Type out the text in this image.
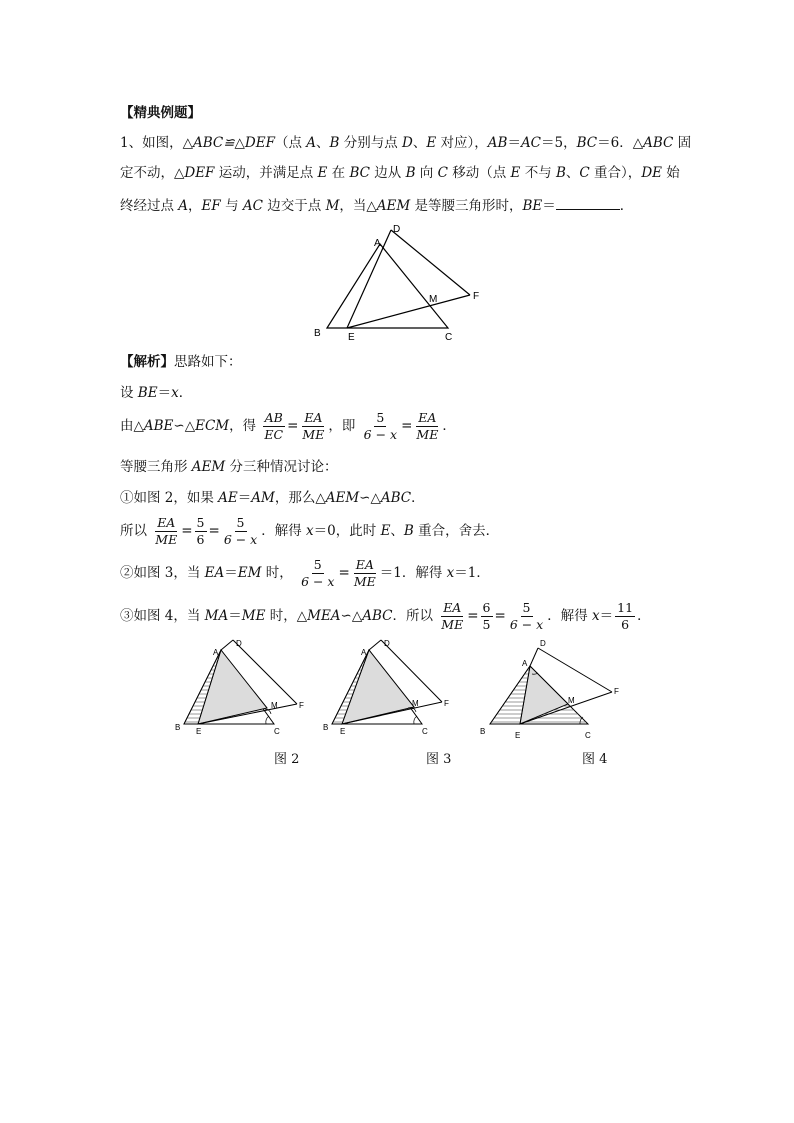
【精典例题】
1、如图，△ABC≌△DEF（点 A、B 分别与点 D、E 对应），AB＝AC＝5，BC＝6．△ABC 固
定不动，△DEF 运动，并满足点 E 在 BC 边从 B 向 C 移动（点 E 不与 B、C 重合），DE 始
终经过点 A，EF 与 AC 边交于点 M，当△AEM 是等腰三角形时，BE＝	．
A
D
F
M
B	E	C
【解析】思路如下：
设 BE＝x．
由△ABE∽△ECM，得 $\frac{AB}{EC} = \frac{EA}{ME}$ ，即 $\frac{5}{6 - x} = \frac{EA}{ME}$ ．
等腰三角形 AEM 分三种情况讨论：
①如图 2，如果 AE＝AM，那么△AEM∽△ABC．
所以 $\frac{EA}{ME} = \frac{5}{6} = \frac{5}{6 - x}$ ．解得 x＝0，此时 E、B 重合，舍去．
②如图 3，当 EA＝EM 时， $\frac{5}{6 - x} = \frac{EA}{ME} =1$．解得 x＝1．
③如图 4，当 MA＝ME 时，△MEA∽△ABC．所以 $\frac{EA}{ME} = \frac{6}{5} = \frac{5}{6 - x}$ ．解得 $x= \frac{11}{6}$ ．
A
D
F
M
B E	C
A
D
F
M
B E	C
A
D
F
M
B	E	C
图 2	图 3	图 4
